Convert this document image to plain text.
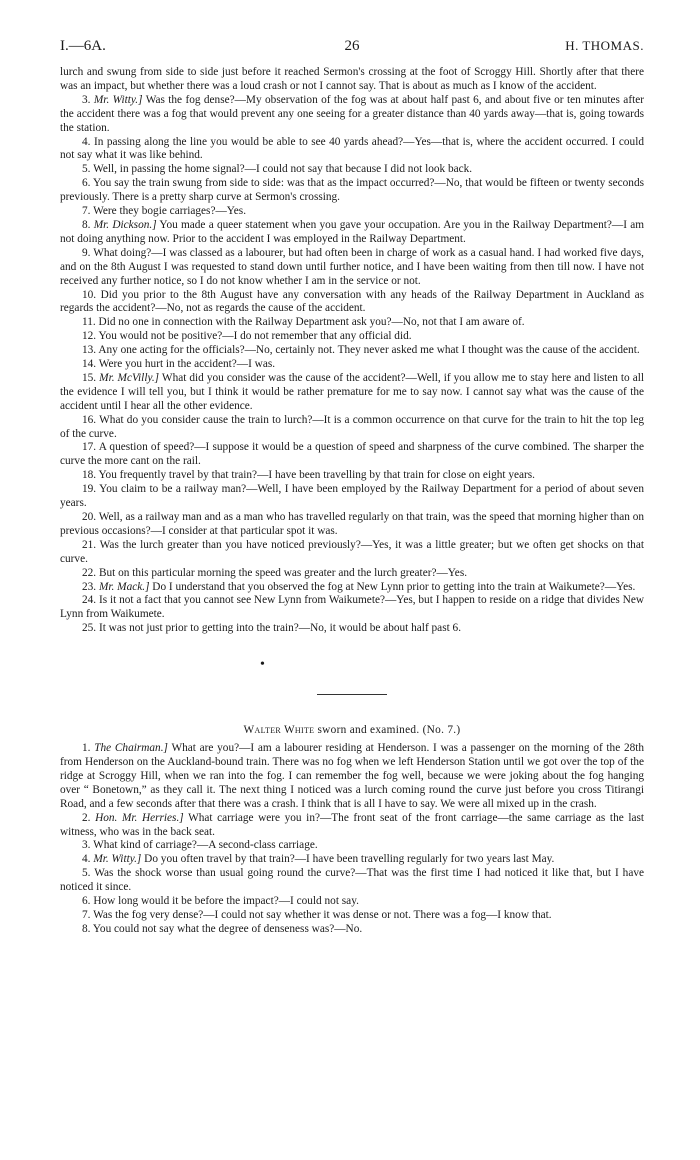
I.—6A.	26	H. THOMAS.

lurch and swung from side to side just before it reached Sermon's crossing at the foot of Scroggy Hill. Shortly after that there was an impact, but whether there was a loud crash or not I cannot say. That is about as much as I know of the accident.

3. Mr. Witty.] Was the fog dense?—My observation of the fog was at about half past 6, and about five or ten minutes after the accident there was a fog that would prevent any one seeing for a greater distance than 40 yards away—that is, going towards the station.

4. In passing along the line you would be able to see 40 yards ahead?—Yes—that is, where the accident occurred. I could not say what it was like behind.

5. Well, in passing the home signal?—I could not say that because I did not look back.

6. You say the train swung from side to side: was that as the impact occurred?—No, that would be fifteen or twenty seconds previously. There is a pretty sharp curve at Sermon's crossing.

7. Were they bogie carriages?—Yes.

8. Mr. Dickson.] You made a queer statement when you gave your occupation. Are you in the Railway Department?—I am not doing anything now. Prior to the accident I was employed in the Railway Department.

9. What doing?—I was classed as a labourer, but had often been in charge of work as a casual hand. I had worked five days, and on the 8th August I was requested to stand down until further notice, and I have been waiting from then till now. I have not received any further notice, so I do not know whether I am in the service or not.

10. Did you prior to the 8th August have any conversation with any heads of the Railway Department in Auckland as regards the accident?—No, not as regards the cause of the accident.

11. Did no one in connection with the Railway Department ask you?—No, not that I am aware of.

12. You would not be positive?—I do not remember that any official did.

13. Any one acting for the officials?—No, certainly not. They never asked me what I thought was the cause of the accident.

14. Were you hurt in the accident?—I was.

15. Mr. McVilly.] What did you consider was the cause of the accident?—Well, if you allow me to stay here and listen to all the evidence I will tell you, but I think it would be rather premature for me to say now. I cannot say what was the cause of the accident until I hear all the other evidence.

16. What do you consider cause the train to lurch?—It is a common occurrence on that curve for the train to hit the top leg of the curve.

17. A question of speed?—I suppose it would be a question of speed and sharpness of the curve combined. The sharper the curve the more cant on the rail.

18. You frequently travel by that train?—I have been travelling by that train for close on eight years.

19. You claim to be a railway man?—Well, I have been employed by the Railway Department for a period of about seven years.

20. Well, as a railway man and as a man who has travelled regularly on that train, was the speed that morning higher than on previous occasions?—I consider at that particular spot it was.

21. Was the lurch greater than you have noticed previously?—Yes, it was a little greater; but we often get shocks on that curve.

22. But on this particular morning the speed was greater and the lurch greater?—Yes.

23. Mr. Mack.] Do I understand that you observed the fog at New Lynn prior to getting into the train at Waikumete?—Yes.

24. Is it not a fact that you cannot see New Lynn from Waikumete?—Yes, but I happen to reside on a ridge that divides New Lynn from Waikumete.

25. It was not just prior to getting into the train?—No, it would be about half past 6.

•
Walter White sworn and examined. (No. 7.)

1. The Chairman.] What are you?—I am a labourer residing at Henderson. I was a passenger on the morning of the 28th from Henderson on the Auckland-bound train. There was no fog when we left Henderson Station until we got over the top of the ridge at Scroggy Hill, when we ran into the fog. I can remember the fog well, because we were joking about the fog hanging over “ Bonetown,” as they call it. The next thing I noticed was a lurch coming round the curve just before you cross Titirangi Road, and a few seconds after that there was a crash. I think that is all I have to say. We were all mixed up in the crash.

2. Hon. Mr. Herries.] What carriage were you in?—The front seat of the front carriage—the same carriage as the last witness, who was in the back seat.

3. What kind of carriage?—A second-class carriage.

4. Mr. Witty.] Do you often travel by that train?—I have been travelling regularly for two years last May.

5. Was the shock worse than usual going round the curve?—That was the first time I had noticed it like that, but I have noticed it since.

6. How long would it be before the impact?—I could not say.

7. Was the fog very dense?—I could not say whether it was dense or not. There was a fog—I know that.

8. You could not say what the degree of denseness was?—No.
